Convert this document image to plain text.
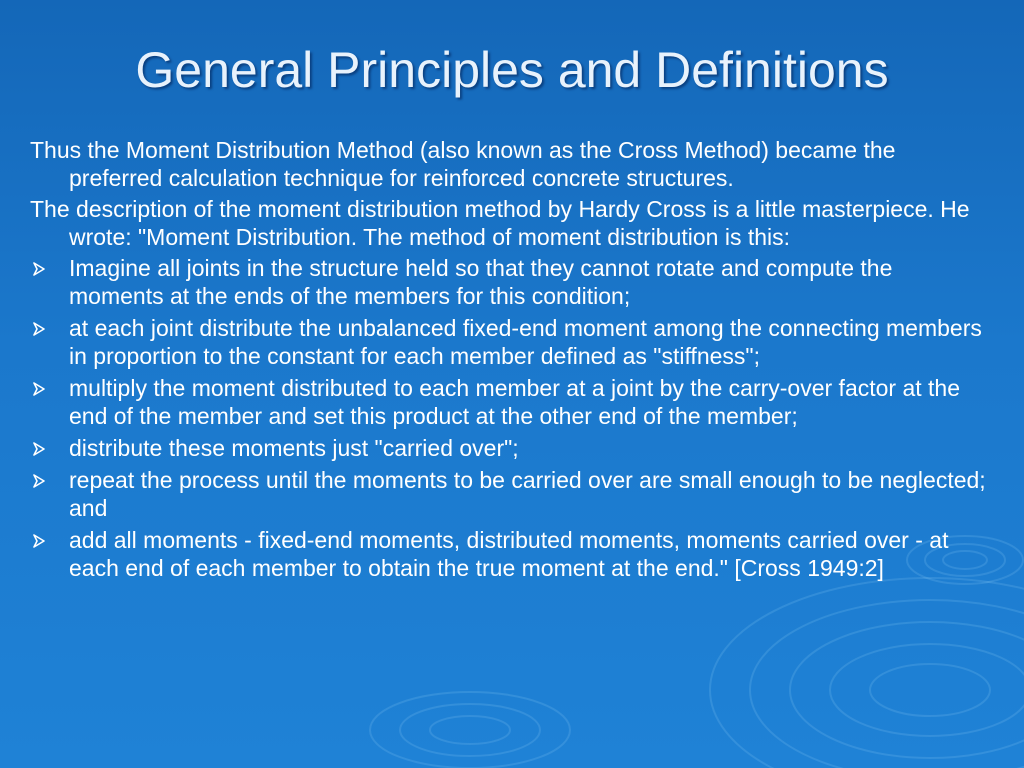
General Principles and Definitions

Thus the Moment Distribution Method (also known as the Cross Method) became the preferred calculation technique for reinforced concrete structures.

The description of the moment distribution method by Hardy Cross is a little masterpiece. He wrote: "Moment Distribution. The method of moment distribution is this:

Imagine all joints in the structure held so that they cannot rotate and compute the moments at the ends of the members for this condition;
at each joint distribute the unbalanced fixed-end moment among the connecting members in proportion to the constant for each member defined as "stiffness";
multiply the moment distributed to each member at a joint by the carry-over factor at the end of the member and set this product at the other end of the member;
distribute these moments just "carried over";
repeat the process until the moments to be carried over are small enough to be neglected; and
add all moments - fixed-end moments, distributed moments, moments carried over - at each end of each member to obtain the true moment at the end." [Cross 1949:2]
